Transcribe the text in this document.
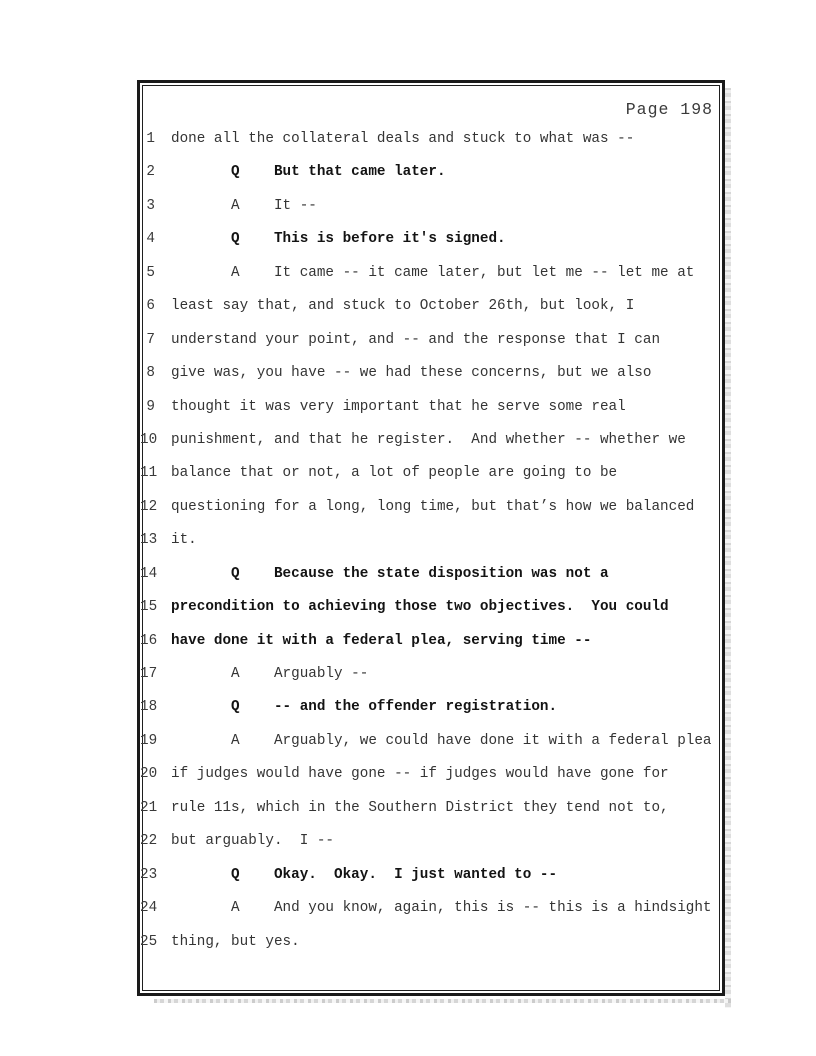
Page 198
1 done all the collateral deals and stuck to what was --
2 Q    But that came later.
3 A    It --
4 Q    This is before it's signed.
5 A    It came -- it came later, but let me -- let me at
6 least say that, and stuck to October 26th, but look, I
7 understand your point, and -- and the response that I can
8 give was, you have -- we had these concerns, but we also
9 thought it was very important that he serve some real
10 punishment, and that he register.  And whether -- whether we
11 balance that or not, a lot of people are going to be
12 questioning for a long, long time, but that’s how we balanced
13 it.
14 Q    Because the state disposition was not a
15 precondition to achieving those two objectives.  You could
16 have done it with a federal plea, serving time --
17 A    Arguably --
18 Q    -- and the offender registration.
19 A    Arguably, we could have done it with a federal plea
20 if judges would have gone -- if judges would have gone for
21 rule 11s, which in the Southern District they tend not to,
22 but arguably.  I --
23 Q    Okay.  Okay.  I just wanted to --
24 A    And you know, again, this is -- this is a hindsight
25 thing, but yes.
